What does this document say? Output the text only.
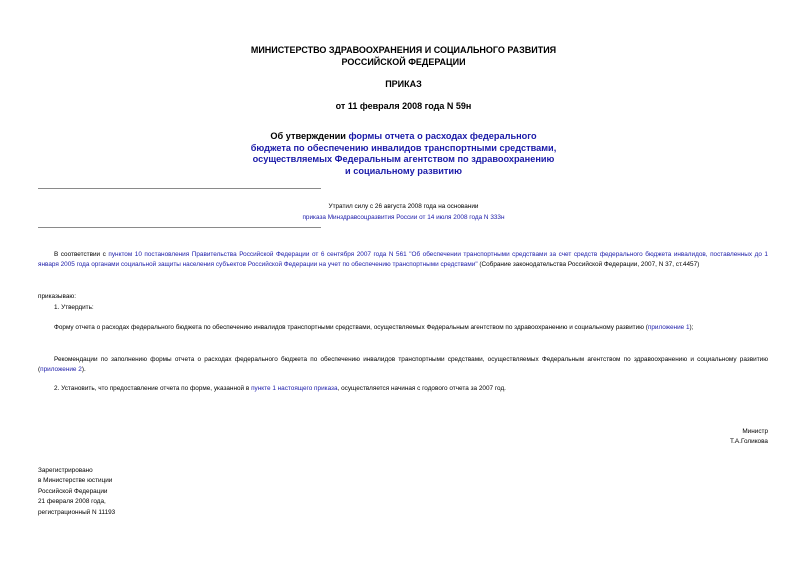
МИНИСТЕРСТВО ЗДРАВООХРАНЕНИЯ И СОЦИАЛЬНОГО РАЗВИТИЯ
РОССИЙСКОЙ ФЕДЕРАЦИИ
ПРИКАЗ
от 11 февраля 2008 года N 59н
Об утверждении формы отчета о расходах федерального
бюджета по обеспечению инвалидов транспортными средствами,
осуществляемых Федеральным агентством по здравоохранению
и социальному развитию
Утратил силу с 26 августа 2008 года на основании
приказа Минздравсоцразвития России от 14 июля 2008 года N 333н
В соответствии с пунктом 10 постановления Правительства Российской Федерации от 6 сентября 2007 года N 561 "Об обеспечении транспортными средствами за счет средств федерального бюджета инвалидов, поставленных до 1 января 2005 года органами социальной защиты населения субъектов Российской Федерации на учет по обеспечению транспортными средствами" (Собрание законодательства Российской Федерации, 2007, N 37, ст.4457)
приказываю:
1. Утвердить:
Форму отчета о расходах федерального бюджета по обеспечению инвалидов транспортными средствами, осуществляемых Федеральным агентством по здравоохранению и социальному развитию (приложение 1);
Рекомендации по заполнению формы отчета о расходах федерального бюджета по обеспечению инвалидов транспортными средствами, осуществляемых Федеральным агентством по здравоохранению и социальному развитию (приложение 2).
2. Установить, что предоставление отчета по форме, указанной в пункте 1 настоящего приказа, осуществляется начиная с годового отчета за 2007 год.
Министр
Т.А.Голикова
Зарегистрировано
в Министерстве юстиции
Российской Федерации
21 февраля 2008 года,
регистрационный N 11193
